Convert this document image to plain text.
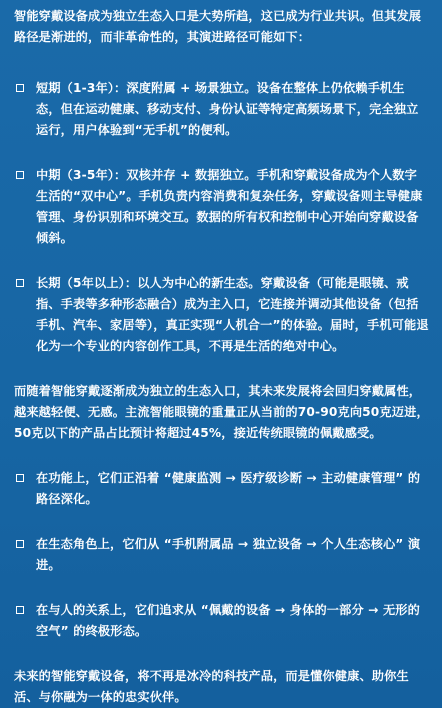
智能穿戴设备成为独立生态入口是大势所趋，这已成为行业共识。但其发展路径是渐进的，而非革命性的，其演进路径可能如下：

短期（1-3年）：深度附属 + 场景独立。设备在整体上仍依赖手机生态，但在运动健康、移动支付、身份认证等特定高频场景下，完全独立运行，用户体验到“无手机”的便利。
中期（3-5年）：双核并存 + 数据独立。手机和穿戴设备成为个人数字生活的“双中心”。手机负责内容消费和复杂任务，穿戴设备则主导健康管理、身份识别和环境交互。数据的所有权和控制中心开始向穿戴设备倾斜。
长期（5年以上）：以人为中心的新生态。穿戴设备（可能是眼镜、戒指、手表等多种形态融合）成为主入口，它连接并调动其他设备（包括手机、汽车、家居等），真正实现“人机合一”的体验。届时，手机可能退化为一个专业的内容创作工具，不再是生活的绝对中心。

而随着智能穿戴逐渐成为独立的生态入口，其未来发展将会回归穿戴属性，越来越轻便、无感。主流智能眼镜的重量正从当前的70-90克向50克迈进，50克以下的产品占比预计将超过45%，接近传统眼镜的佩戴感受。

在功能上，它们正沿着 “健康监测 → 医疗级诊断 → 主动健康管理” 的路径深化。
在生态角色上，它们从 “手机附属品 → 独立设备 → 个人生态核心” 演进。
在与人的关系上，它们追求从 “佩戴的设备 → 身体的一部分 → 无形的空气” 的终极形态。

未来的智能穿戴设备，将不再是冰冷的科技产品，而是懂你健康、助你生活、与你融为一体的忠实伙伴。
